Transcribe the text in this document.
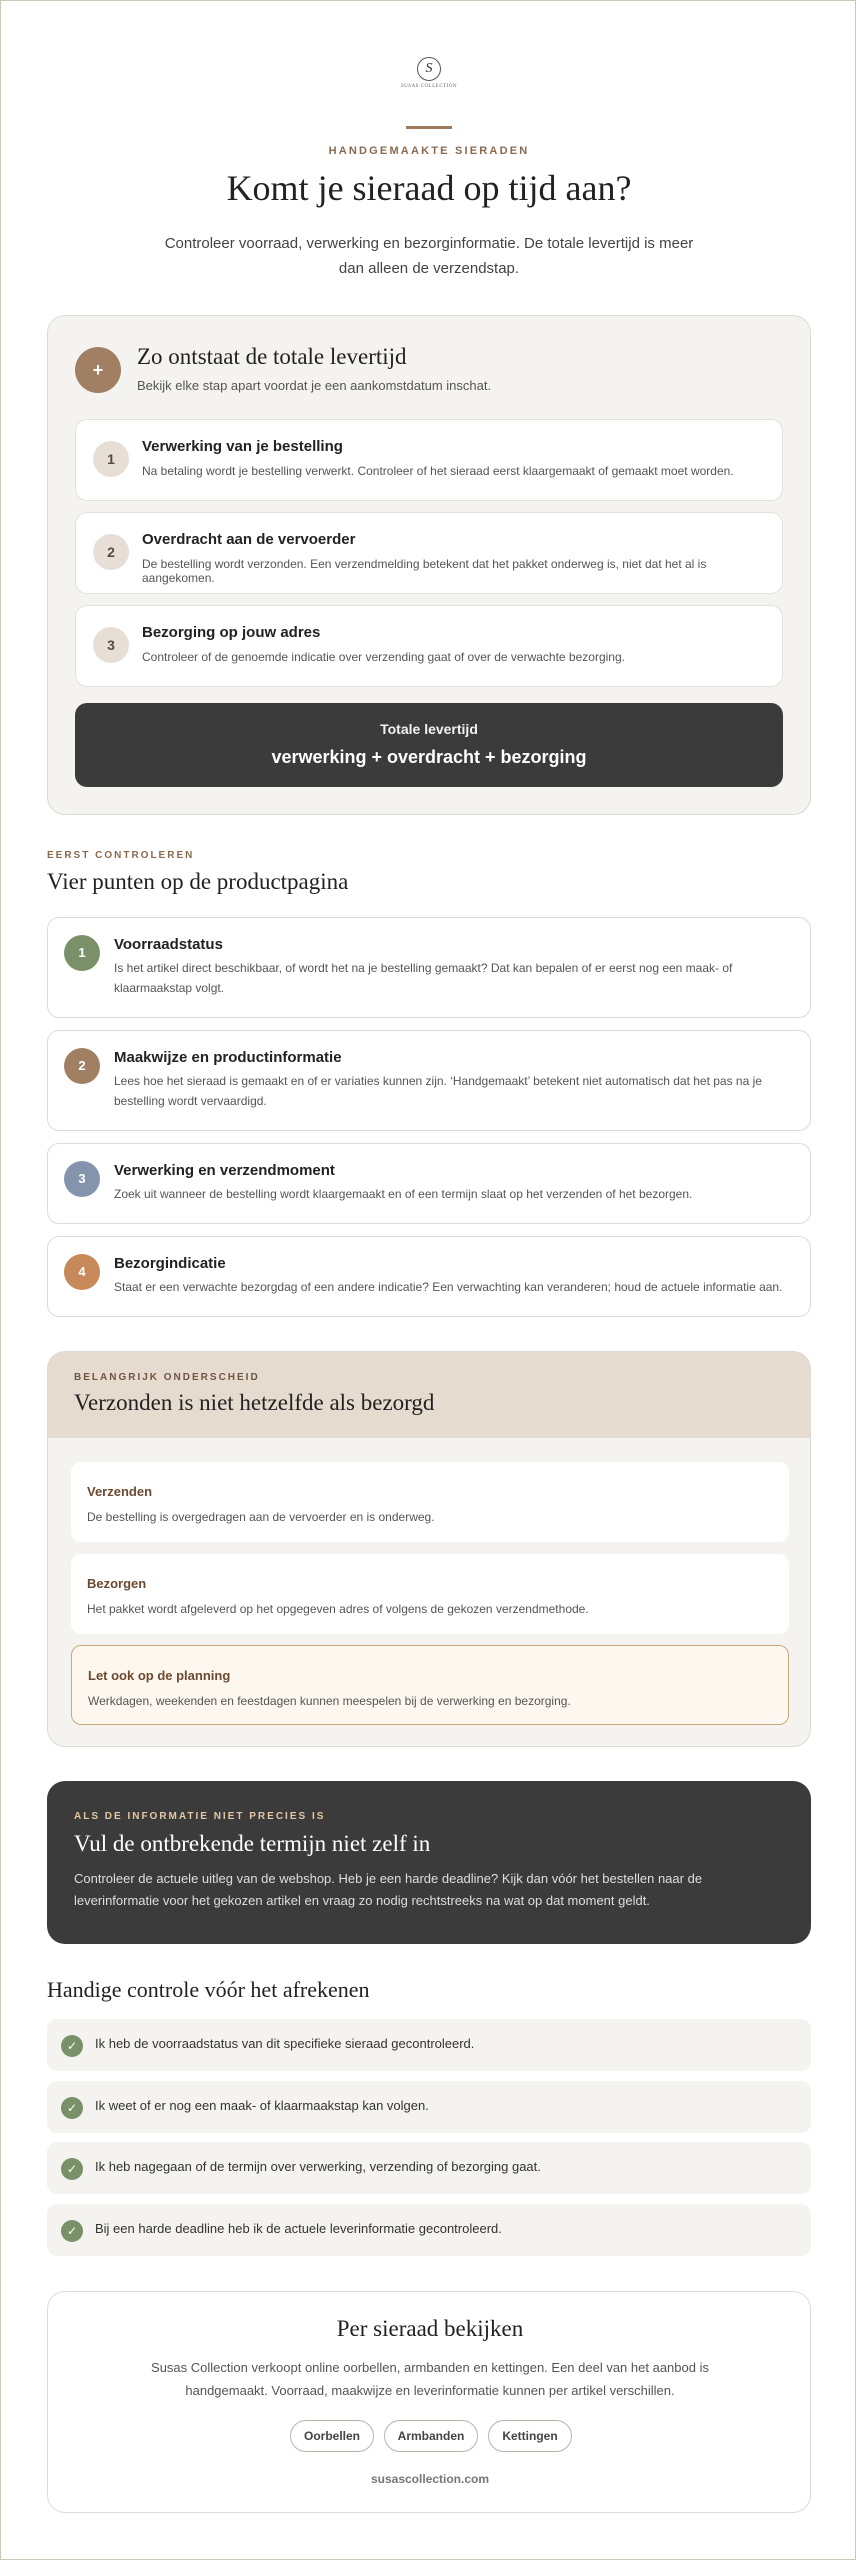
S
SUSAS COLLECTION
HANDGEMAAKTE SIERADEN
Komt je sieraad op tijd aan?

Controleer voorraad, verwerking en bezorginformatie. De totale levertijd is meer dan alleen de verzendstap.

+
Zo ontstaat de totale levertijd

Bekijk elke stap apart voordat je een aankomstdatum inschat.

1
Verwerking van je bestelling
Na betaling wordt je bestelling verwerkt. Controleer of het sieraad eerst klaargemaakt of gemaakt moet worden.
2
Overdracht aan de vervoerder
De bestelling wordt verzonden. Een verzendmelding betekent dat het pakket onderweg is, niet dat het al is aangekomen.
3
Bezorging op jouw adres
Controleer of de genoemde indicatie over verzending gaat of over de verwachte bezorging.
Totale levertijd
verwerking + overdracht + bezorging
EERST CONTROLEREN
Vier punten op de productpagina
1	Voorraadstatus
Is het artikel direct beschikbaar, of wordt het na je bestelling gemaakt? Dat kan bepalen of er eerst nog een maak- of klaarmaakstap volgt.
2	Maakwijze en productinformatie
Lees hoe het sieraad is gemaakt en of er variaties kunnen zijn. ‘Handgemaakt’ betekent niet automatisch dat het pas na je bestelling wordt vervaardigd.
3	Verwerking en verzendmoment
Zoek uit wanneer de bestelling wordt klaargemaakt en of een termijn slaat op het verzenden of het bezorgen.
4	Bezorgindicatie
Staat er een verwachte bezorgdag of een andere indicatie? Een verwachting kan veranderen; houd de actuele informatie aan.
BELANGRIJK ONDERSCHEID
Verzonden is niet hetzelfde als bezorgd
Verzenden
De bestelling is overgedragen aan de vervoerder en is onderweg.
Bezorgen
Het pakket wordt afgeleverd op het opgegeven adres of volgens de gekozen verzendmethode.
Let ook op de planning
Werkdagen, weekenden en feestdagen kunnen meespelen bij de verwerking en bezorging.
ALS DE INFORMATIE NIET PRECIES IS
Vul de ontbrekende termijn niet zelf in

Controleer de actuele uitleg van de webshop. Heb je een harde deadline? Kijk dan vóór het bestellen naar de leverinformatie voor het gekozen artikel en vraag zo nodig rechtstreeks na wat op dat moment geldt.

Handige controle vóór het afrekenen
✓	Ik heb de voorraadstatus van dit specifieke sieraad gecontroleerd.
✓	Ik weet of er nog een maak- of klaarmaakstap kan volgen.
✓	Ik heb nagegaan of de termijn over verwerking, verzending of bezorging gaat.
✓	Bij een harde deadline heb ik de actuele leverinformatie gecontroleerd.
Per sieraad bekijken

Susas Collection verkoopt online oorbellen, armbanden en kettingen. Een deel van het aanbod is handgemaakt. Voorraad, maakwijze en leverinformatie kunnen per artikel verschillen.

Oorbellen	Armbanden	Kettingen
susascollection.com
